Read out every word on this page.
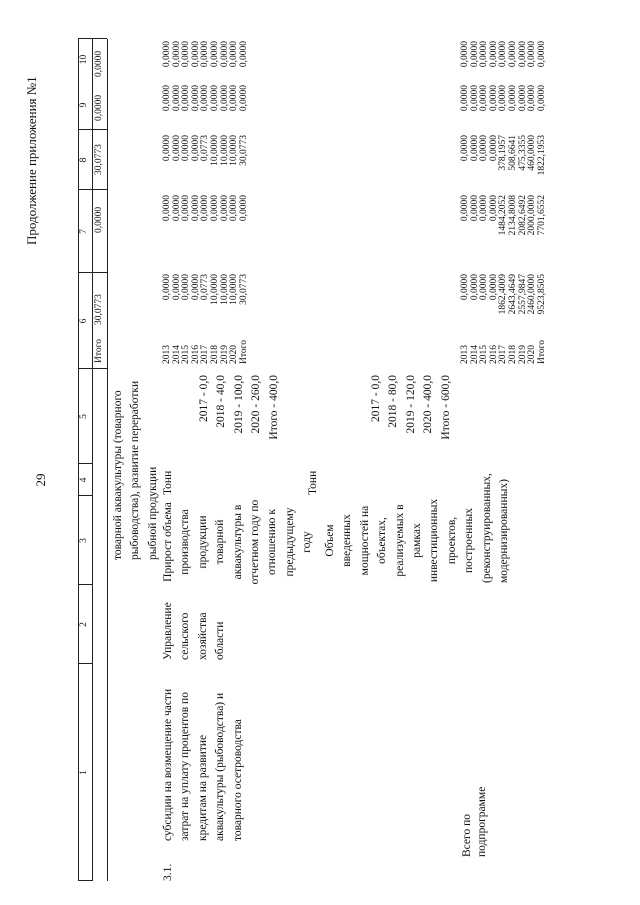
29
Продолжение приложения №1
1
2
3
4
5
6
7
8
9
10
Итого
30,0773
0,0000
30,0773
0,0000
0,0000
товарной аквакультуры (товарного рыбоводства), развитие переработки рыбной продукции
3.1.
субсидии на возмещение части затрат на уплату процентов по кредитам на развитие аквакультуры (рыбоводства) и товарного осетроводства
Управление сельского хозяйства области
Прирост объема производства продукции товарной аквакультуры в отчетном году по отношению к предыдущему году
Тонн
2017 - 0,0 2018 - 40,0 2019 - 100,0 2020 - 260,0 Итого - 400,0
Объем введенных мощностей на объектах, реализуемых в рамках инвестиционных проектов, построенных (реконструированных, модернизированных)
Тонн
2017 - 0,0 2018 - 80,0 2019 - 120,0 2020 - 400,0 Итого - 600,0
2013 2014 2015 2016 2017 2018 2019 2020 Итого
0,0000 0,0000 0,0000 0,0000 0,0773 10,0000 10,0000 10,0000 30,0773
0,0000 0,0000 0,0000 0,0000 0,0000 0,0000 0,0000 0,0000 0,0000
0,0000 0,0000 0,0000 0,0000 0,0773 10,0000 10,0000 10,0000 30,0773
0,0000 0,0000 0,0000 0,0000 0,0000 0,0000 0,0000 0,0000 0,0000
0,0000 0,0000 0,0000 0,0000 0,0000 0,0000 0,0000 0,0000 0,0000
2013 2014 2015 2016 2017 2018 2019 2020 Итого
0,0000 0,0000 0,0000 0,0000 1862,4009 2643,4649 2557,9847 2460,0000 9523,8505
0,0000 0,0000 0,0000 0,0000 1484,2052 2134,8008 2082,6492 2000,0000 7701,6552
0,0000 0,0000 0,0000 0,0000 378,1957 508,6641 475,3355 460,0000 1822,1953
0,0000 0,0000 0,0000 0,0000 0,0000 0,0000 0,0000 0,0000 0,0000
0,0000 0,0000 0,0000 0,0000 0,0000 0,0000 0,0000 0,0000 0,0000
Всего по подпрограмме
